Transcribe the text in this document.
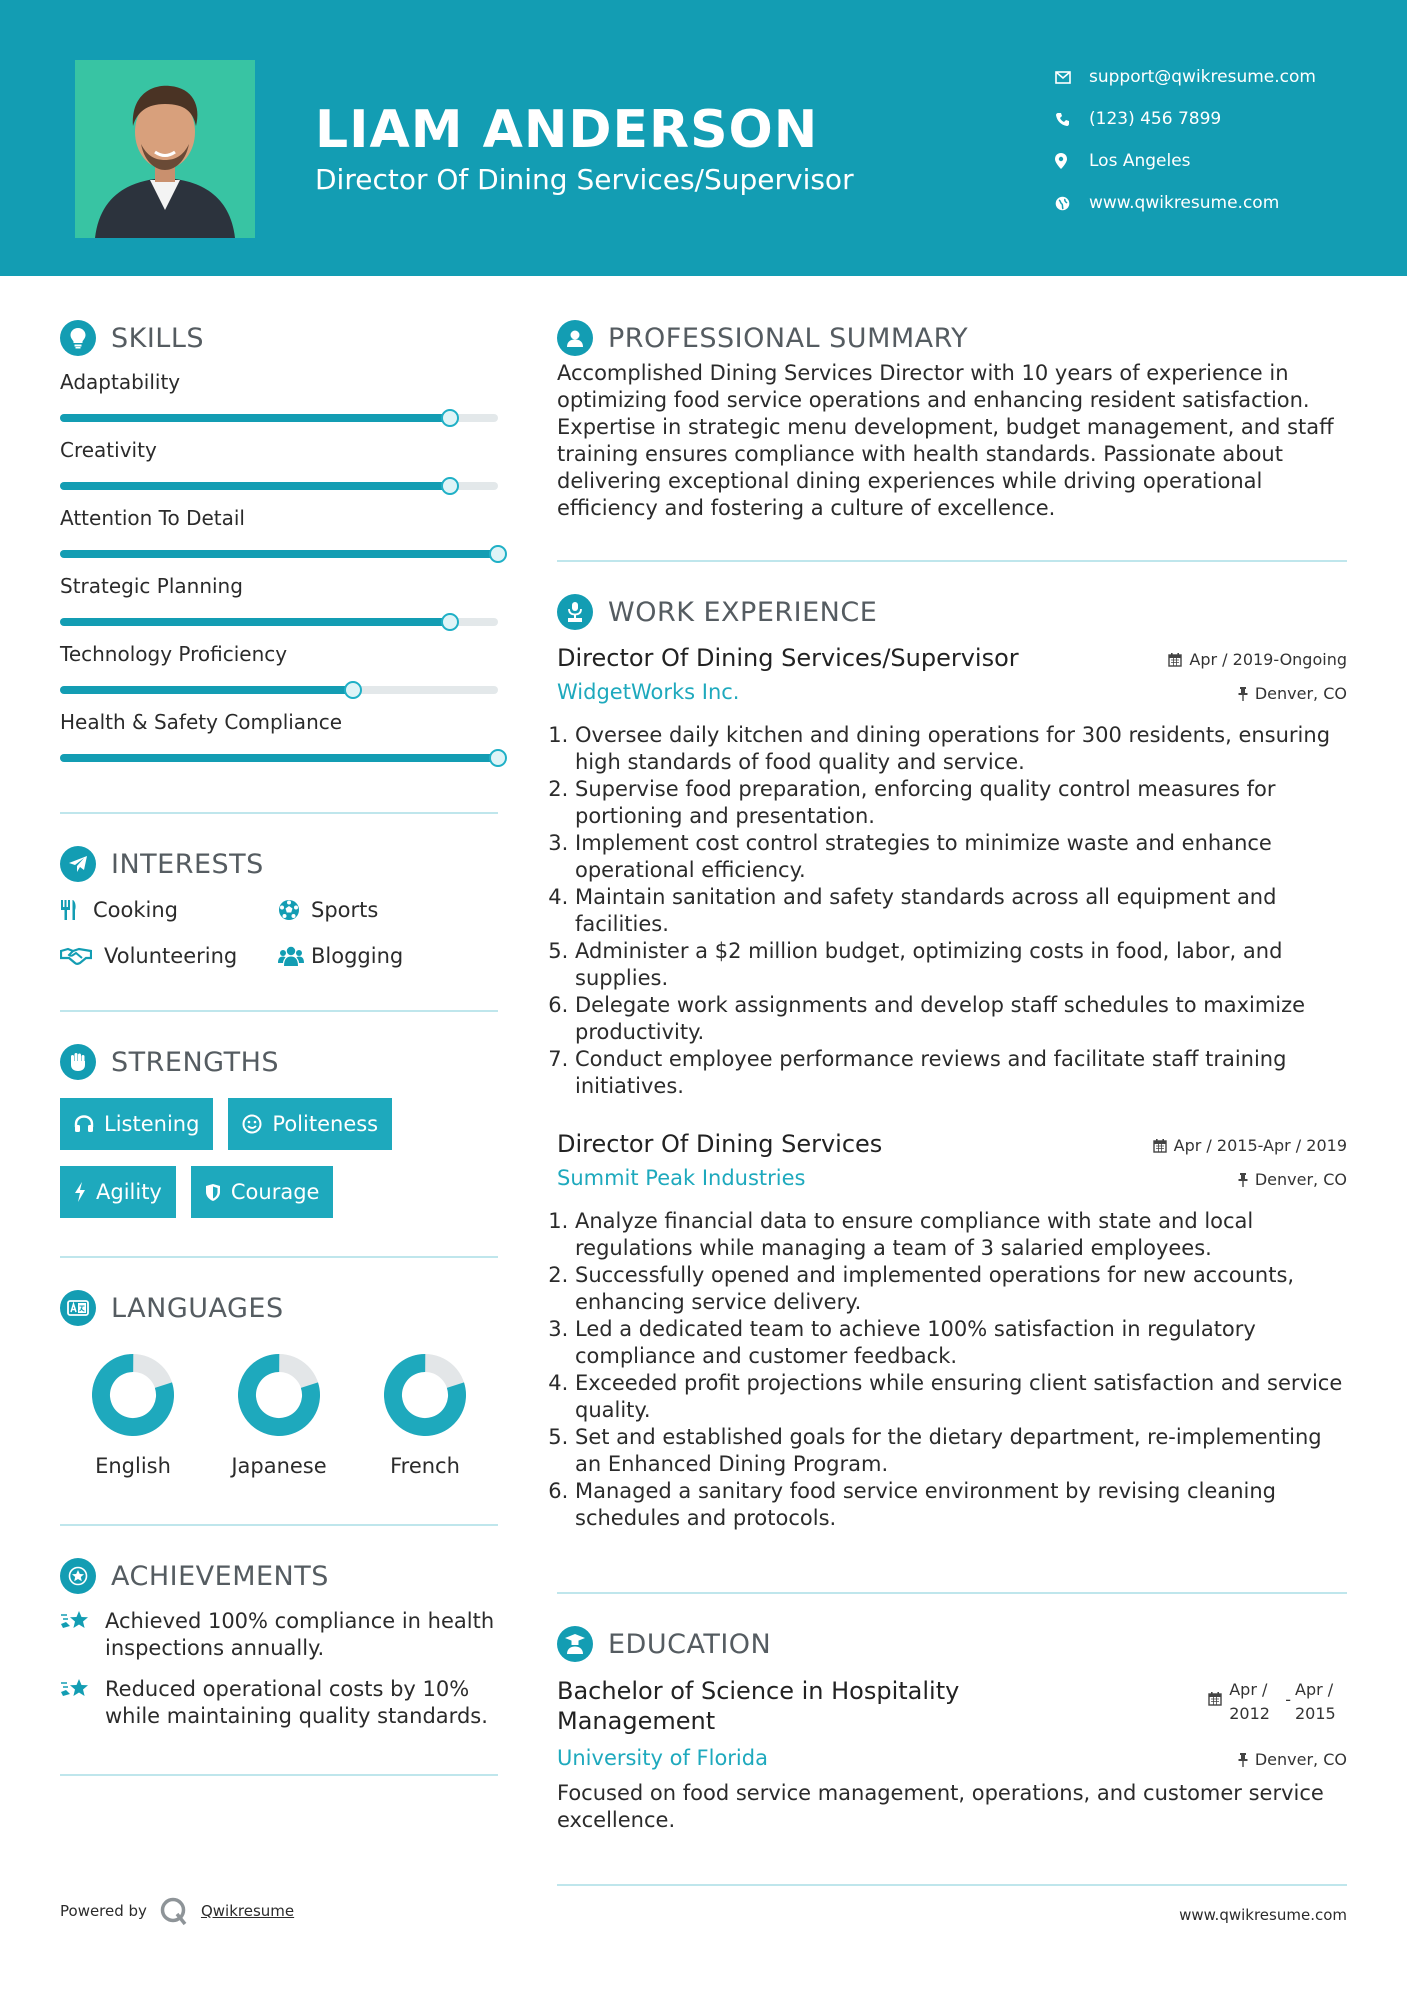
LIAM ANDERSON
Director Of Dining Services/Supervisor
support@qwikresume.com
(123) 456 7899
Los Angeles
www.qwikresume.com
SKILLS
Adaptability
Creativity
Attention To Detail
Strategic Planning
Technology Proficiency
Health & Safety Compliance
INTERESTS
Cooking	Sports
Volunteering	Blogging
STRENGTHS
Listening	Politeness
Agility	Courage
LANGUAGES
English	Japanese	French
ACHIEVEMENTS
Achieved 100% compliance in health inspections annually.
Reduced operational costs by 10% while maintaining quality standards.
PROFESSIONAL SUMMARY
Accomplished Dining Services Director with 10 years of experience in optimizing food service operations and enhancing resident satisfaction. Expertise in strategic menu development, budget management, and staff training ensures compliance with health standards. Passionate about delivering exceptional dining experiences while driving operational efficiency and fostering a culture of excellence.
WORK EXPERIENCE
Director Of Dining Services/Supervisor	Apr / 2019-Ongoing
WidgetWorks Inc.	Denver, CO
1. Oversee daily kitchen and dining operations for 300 residents, ensuring high standards of food quality and service.
2. Supervise food preparation, enforcing quality control measures for portioning and presentation.
3. Implement cost control strategies to minimize waste and enhance operational efficiency.
4. Maintain sanitation and safety standards across all equipment and facilities.
5. Administer a $2 million budget, optimizing costs in food, labor, and supplies.
6. Delegate work assignments and develop staff schedules to maximize productivity.
7. Conduct employee performance reviews and facilitate staff training initiatives.
Director Of Dining Services	Apr / 2015-Apr / 2019
Summit Peak Industries	Denver, CO
1. Analyze financial data to ensure compliance with state and local regulations while managing a team of 3 salaried employees.
2. Successfully opened and implemented operations for new accounts, enhancing service delivery.
3. Led a dedicated team to achieve 100% satisfaction in regulatory compliance and customer feedback.
4. Exceeded profit projections while ensuring client satisfaction and service quality.
5. Set and established goals for the dietary department, re-implementing an Enhanced Dining Program.
6. Managed a sanitary food service environment by revising cleaning schedules and protocols.
EDUCATION
Bachelor of Science in Hospitality Management
Apr / 2012
-
Apr / 2015
University of Florida	Denver, CO
Focused on food service management, operations, and customer service excellence.
Powered by	Qwikresume	www.qwikresume.com
